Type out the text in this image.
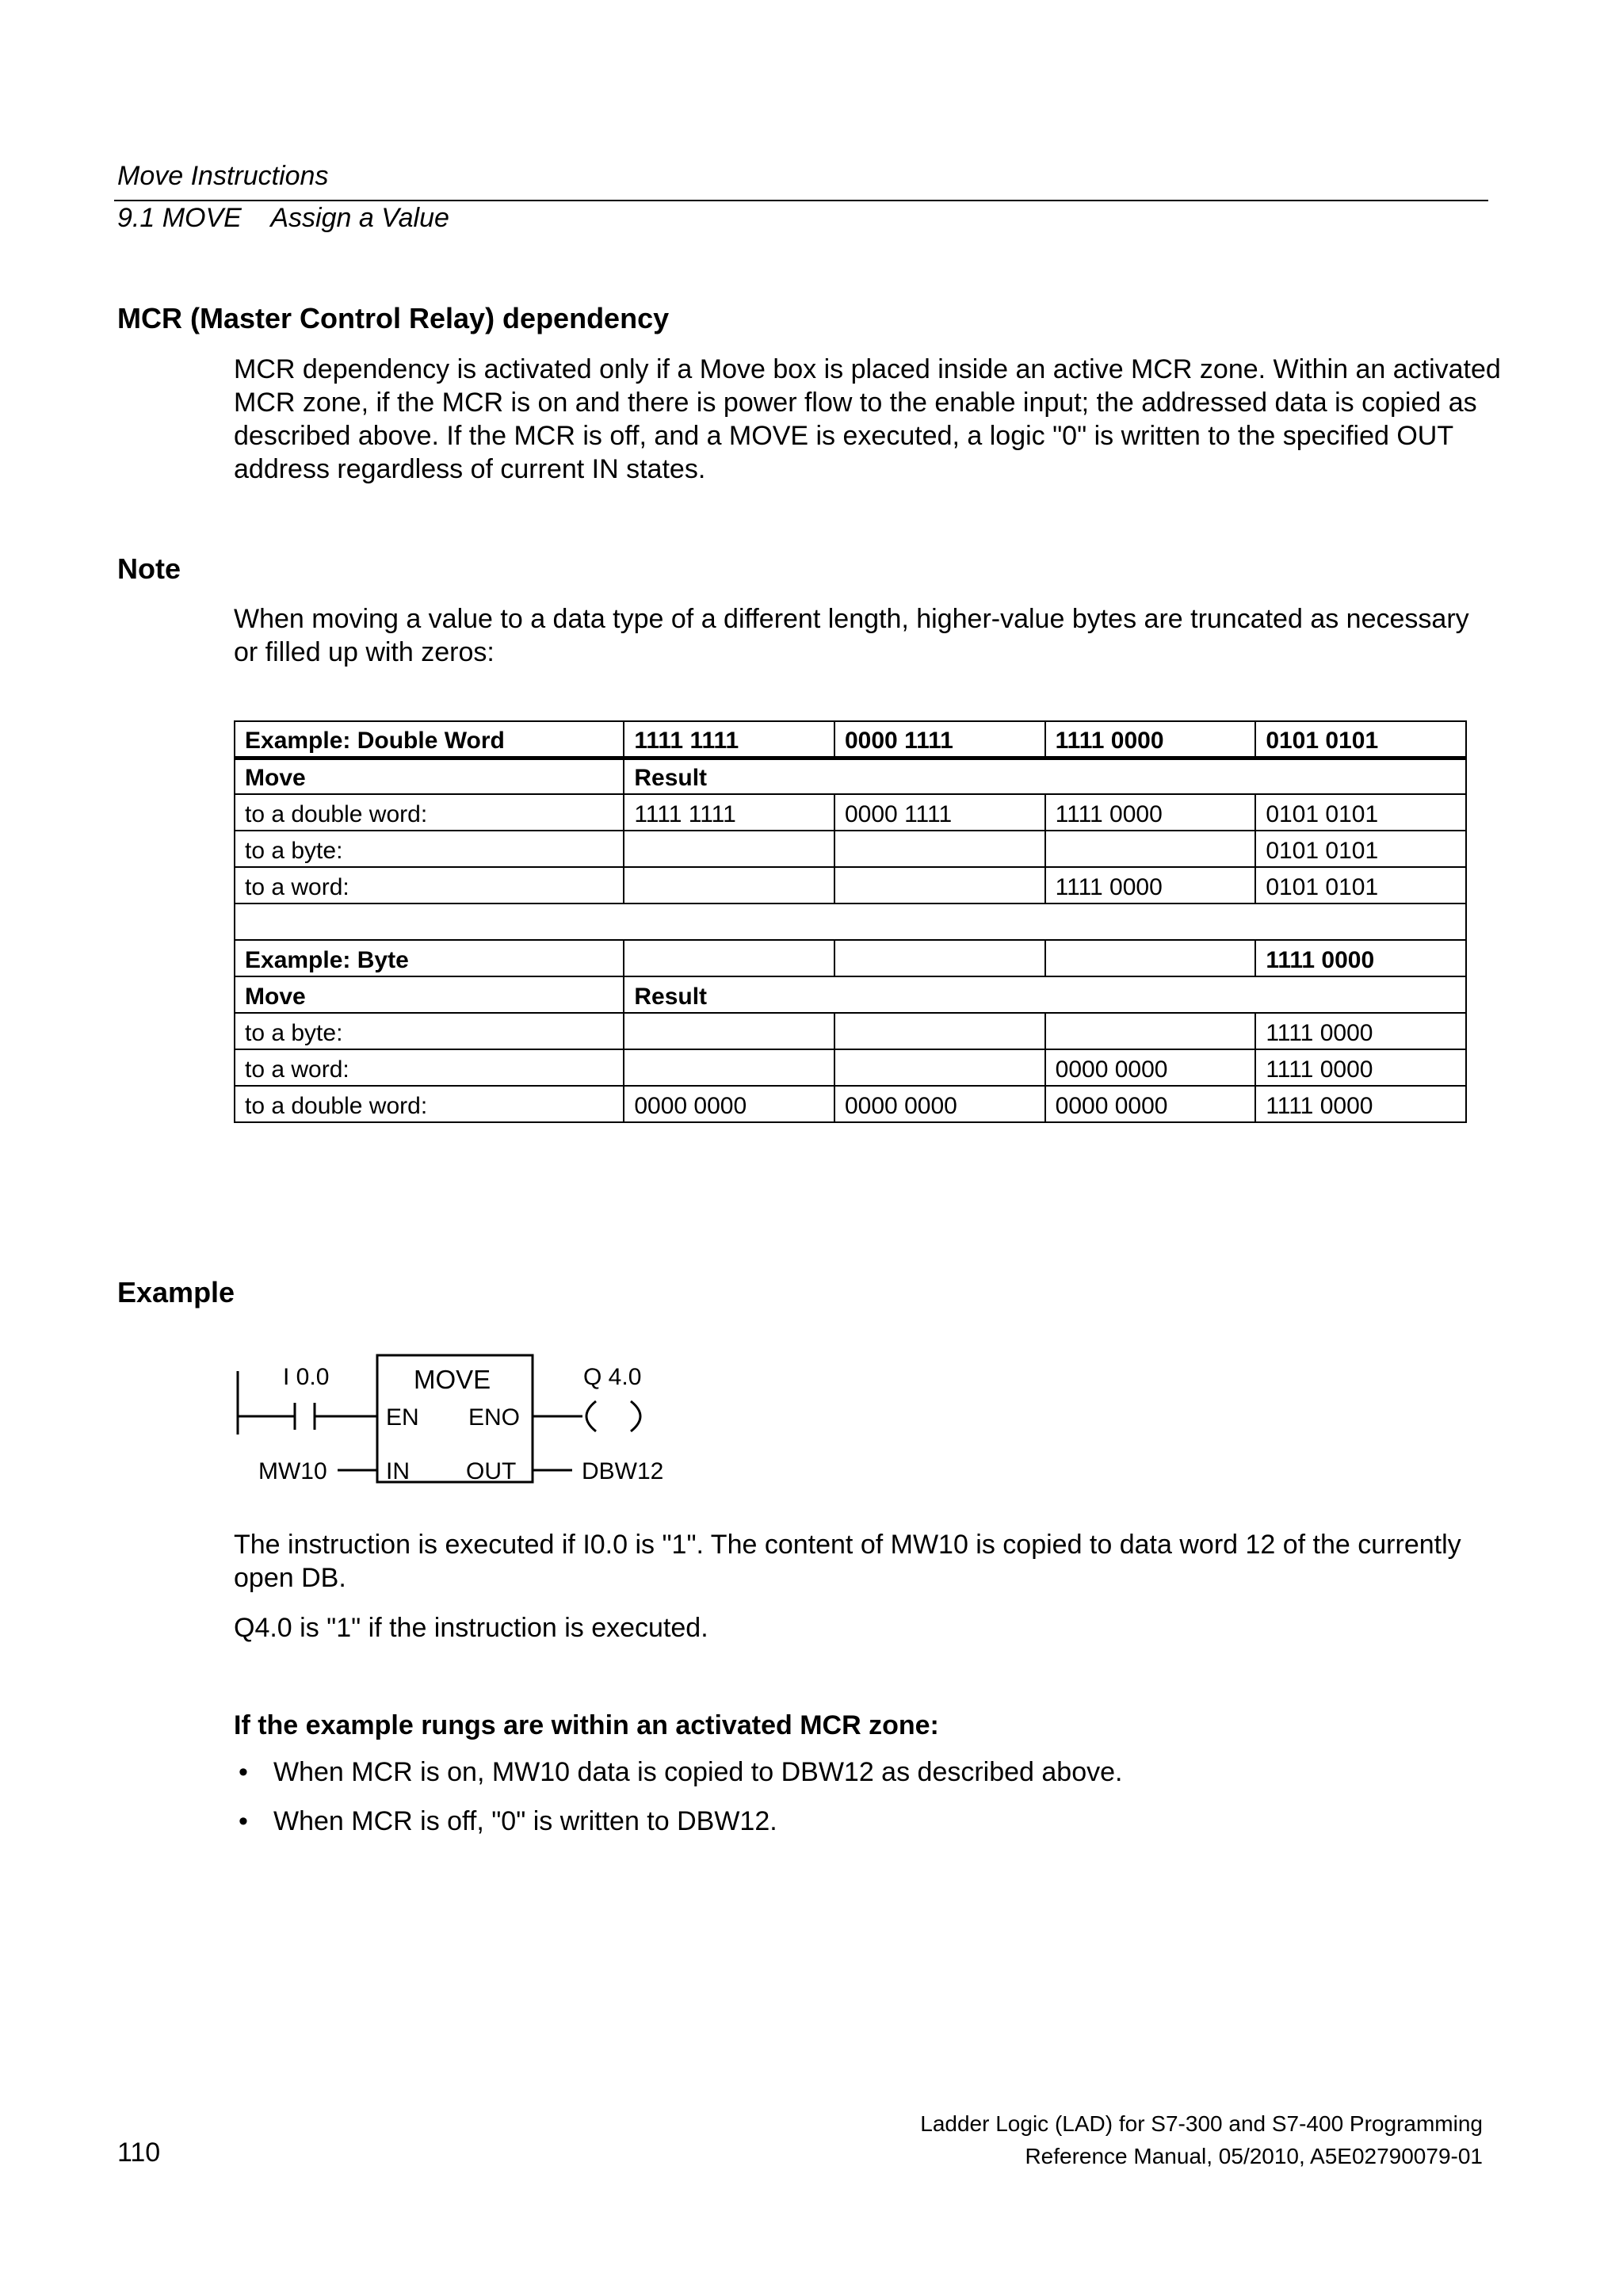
Move Instructions
9.1 MOVE    Assign a Value
MCR (Master Control Relay) dependency

MCR dependency is activated only if a Move box is placed inside an active MCR zone. Within an activated MCR zone, if the MCR is on and there is power flow to the enable input; the addressed data is copied as described above. If the MCR is off, and a MOVE is executed, a logic "0" is written to the specified OUT address regardless of current IN states.

Note

When moving a value to a data type of a different length, higher-value bytes are truncated as necessary or filled up with zeros:

Example: Double Word	1111 1111	0000 1111	1111 0000	0101 0101
Move	Result			
to a double word:	1111 1111	0000 1111	1111 0000	0101 0101
to a byte:				0101 0101
to a word:			1111 0000	0101 0101

Example: Byte				1111 0000
Move	Result			
to a byte:				1111 0000
to a word:			0000 0000	1111 0000
to a double word:	0000 0000	0000 0000	0000 0000	1111 0000
Example
I 0.0	MOVE
EN ENO
Q 4.0
IN OUT
MW10	DBW12

The instruction is executed if I0.0 is "1". The content of MW10 is copied to data word 12 of the currently open DB.

Q4.0 is "1" if the instruction is executed.

If the example rungs are within an activated MCR zone:
• When MCR is on, MW10 data is copied to DBW12 as described above.
• When MCR is off, "0" is written to DBW12.
110
Ladder Logic (LAD) for S7-300 and S7-400 Programming
Reference Manual, 05/2010, A5E02790079-01
